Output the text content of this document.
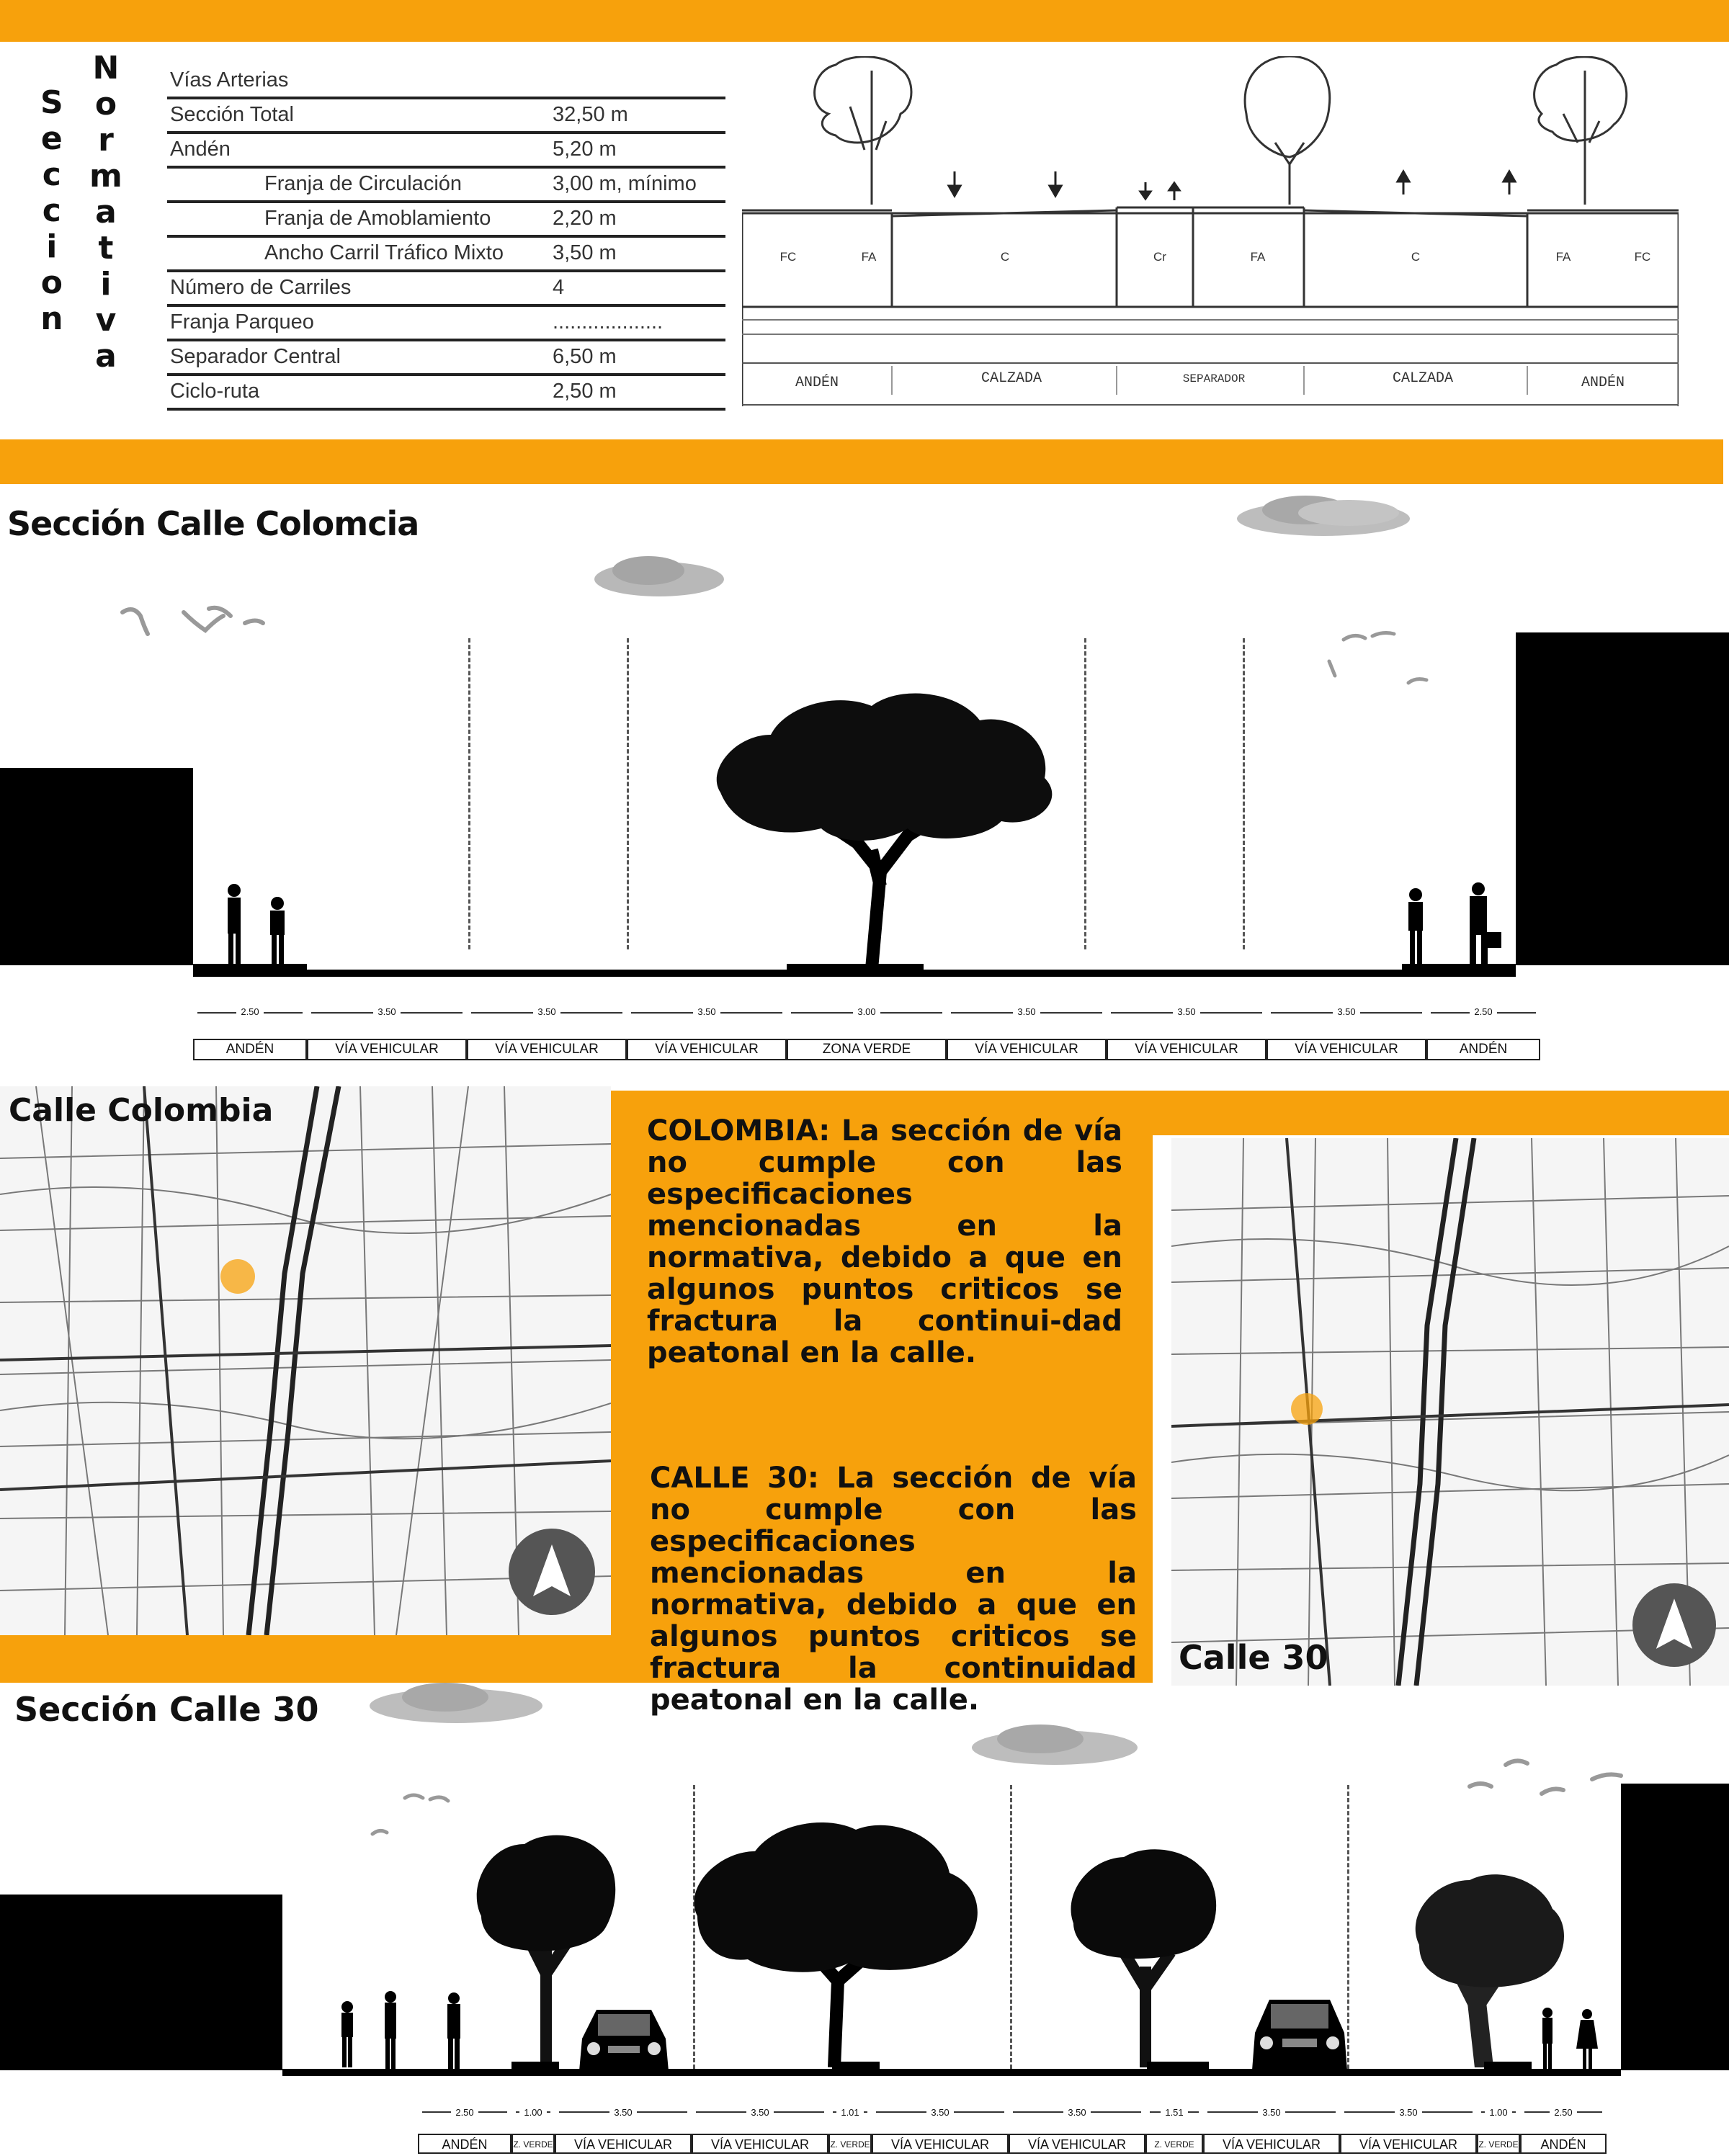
S
e
c
c
i
o
n
N
o
r
m
a
t
i
v
a
Vías Arterias
Sección Total	32,50 m
Andén	5,20 m
Franja de Circulación	3,00 m, mínimo
Franja de Amoblamiento	2,20 m
Ancho Carril Tráfico Mixto 3,50 m
Número de Carriles	4
Franja Parqueo	...................
Separador Central	6,50 m
Ciclo-ruta	2,50 m
FC	FA	C	Cr	FA	C	FA	FC
ANDÉN	CALZADA	SEPARADOR	CALZADA	ANDÉN
Sección Calle Colomcia
2.50	3.50	3.50	3.50	3.00	3.50	3.50	3.50	2.50
ANDÉN	VÍA VEHICULAR	VÍA VEHICULAR	VÍA VEHICULAR	ZONA VERDE	VÍA VEHICULAR	VÍA VEHICULAR	VÍA VEHICULAR	ANDÉN
Calle Colombia
Calle 30
COLOMBIA: La sección de vía no cumple con las especificaciones mencionadas en la normativa, debido a que en algunos puntos criticos se fractura la continui-dad peatonal en la calle.
CALLE 30: La sección de vía no cumple con las especificaciones mencionadas en la normativa, debido a que en algunos puntos criticos se fractura la continuidad peatonal en la calle.
Sección Calle 30
2.50	1.00	3.50	3.50	1.01	3.50	3.50	1.51	3.50	3.50	1.00	2.50
ANDÉN	Z. VERDE	VÍA VEHICULAR	VÍA VEHICULAR	Z. VERDE	VÍA VEHICULAR	VÍA VEHICULAR	Z. VERDE	VÍA VEHICULAR	VÍA VEHICULAR	Z. VERDE	ANDÉN
